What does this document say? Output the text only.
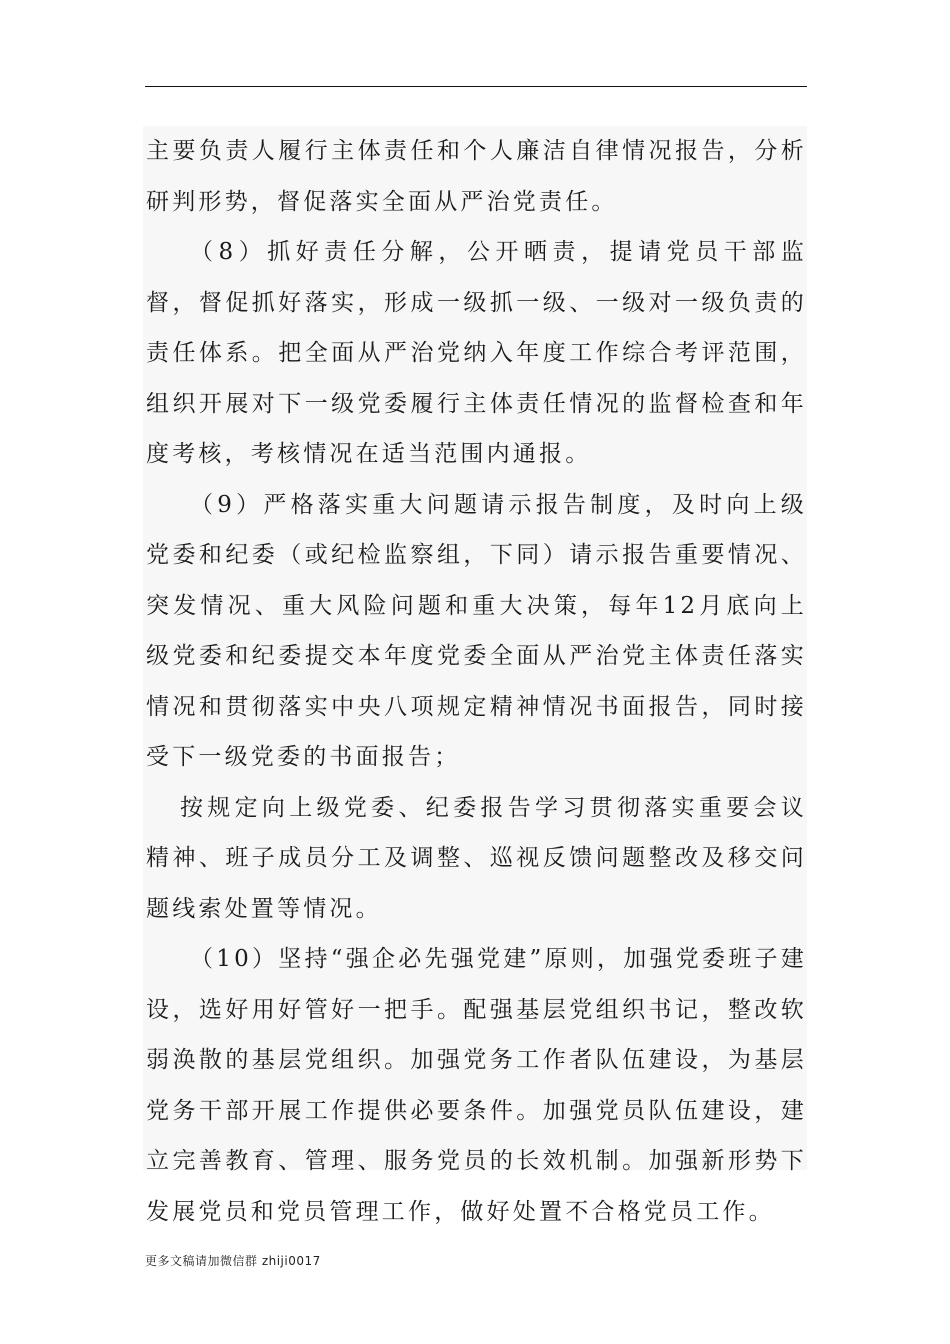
主要负责人履行主体责任和个人廉洁自律情况报告，分析研判形势，督促落实全面从严治党责任。

（8）抓好责任分解，公开晒责，提请党员干部监督，督促抓好落实，形成一级抓一级、一级对一级负责的责任体系。把全面从严治党纳入年度工作综合考评范围，组织开展对下一级党委履行主体责任情况的监督检查和年度考核，考核情况在适当范围内通报。

（9）严格落实重大问题请示报告制度，及时向上级党委和纪委（或纪检监察组，下同）请示报告重要情况、突发情况、重大风险问题和重大决策，每年12月底向上级党委和纪委提交本年度党委全面从严治党主体责任落实情况和贯彻落实中央八项规定精神情况书面报告，同时接受下一级党委的书面报告；

按规定向上级党委、纪委报告学习贯彻落实重要会议精神、班子成员分工及调整、巡视反馈问题整改及移交问题线索处置等情况。

（10）坚持“强企必先强党建”原则，加强党委班子建设，选好用好管好一把手。配强基层党组织书记，整改软弱涣散的基层党组织。加强党务工作者队伍建设，为基层党务干部开展工作提供必要条件。加强党员队伍建设，建立完善教育、管理、服务党员的长效机制。加强新形势下发展党员和党员管理工作，做好处置不合格党员工作。

更多文稿请加微信群 zhiji0017
